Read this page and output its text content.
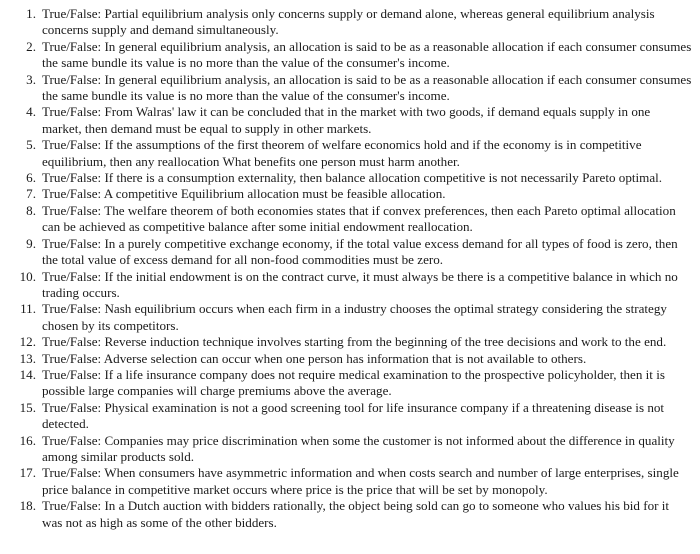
1. True/False: Partial equilibrium analysis only concerns supply or demand alone, whereas general equilibrium analysis concerns supply and demand simultaneously.
2. True/False: In general equilibrium analysis, an allocation is said to be as a reasonable allocation if each consumer consumes the same bundle its value is no more than the value of the consumer's income.
3. True/False: In general equilibrium analysis, an allocation is said to be as a reasonable allocation if each consumer consumes the same bundle its value is no more than the value of the consumer's income.
4. True/False: From Walras' law it can be concluded that in the market with two goods, if demand equals supply in one market, then demand must be equal to supply in other markets.
5. True/False: If the assumptions of the first theorem of welfare economics hold and if the economy is in competitive equilibrium, then any reallocation What benefits one person must harm another.
6. True/False: If there is a consumption externality, then balance allocation competitive is not necessarily Pareto optimal.
7. True/False: A competitive Equilibrium allocation must be feasible allocation.
8. True/False: The welfare theorem of both economies states that if convex preferences, then each Pareto optimal allocation can be achieved as competitive balance after some initial endowment reallocation.
9. True/False: In a purely competitive exchange economy, if the total value excess demand for all types of food is zero, then the total value of excess demand for all non-food commodities must be zero.
10. True/False: If the initial endowment is on the contract curve, it must always be there is a competitive balance in which no trading occurs.
11. True/False: Nash equilibrium occurs when each firm in a industry chooses the optimal strategy considering the strategy chosen by its competitors.
12. True/False: Reverse induction technique involves starting from the beginning of the tree decisions and work to the end.
13. True/False: Adverse selection can occur when one person has information that is not available to others.
14. True/False: If a life insurance company does not require medical examination to the prospective policyholder, then it is possible large companies will charge premiums above the average.
15. True/False: Physical examination is not a good screening tool for life insurance company if a threatening disease is not detected.
16. True/False: Companies may price discrimination when some the customer is not informed about the difference in quality among similar products sold.
17. True/False: When consumers have asymmetric information and when costs search and number of large enterprises, single price balance in competitive market occurs where price is the price that will be set by monopoly.
18. True/False: In a Dutch auction with bidders rationally, the object being sold can go to someone who values his bid for it was not as high as some of the other bidders.
